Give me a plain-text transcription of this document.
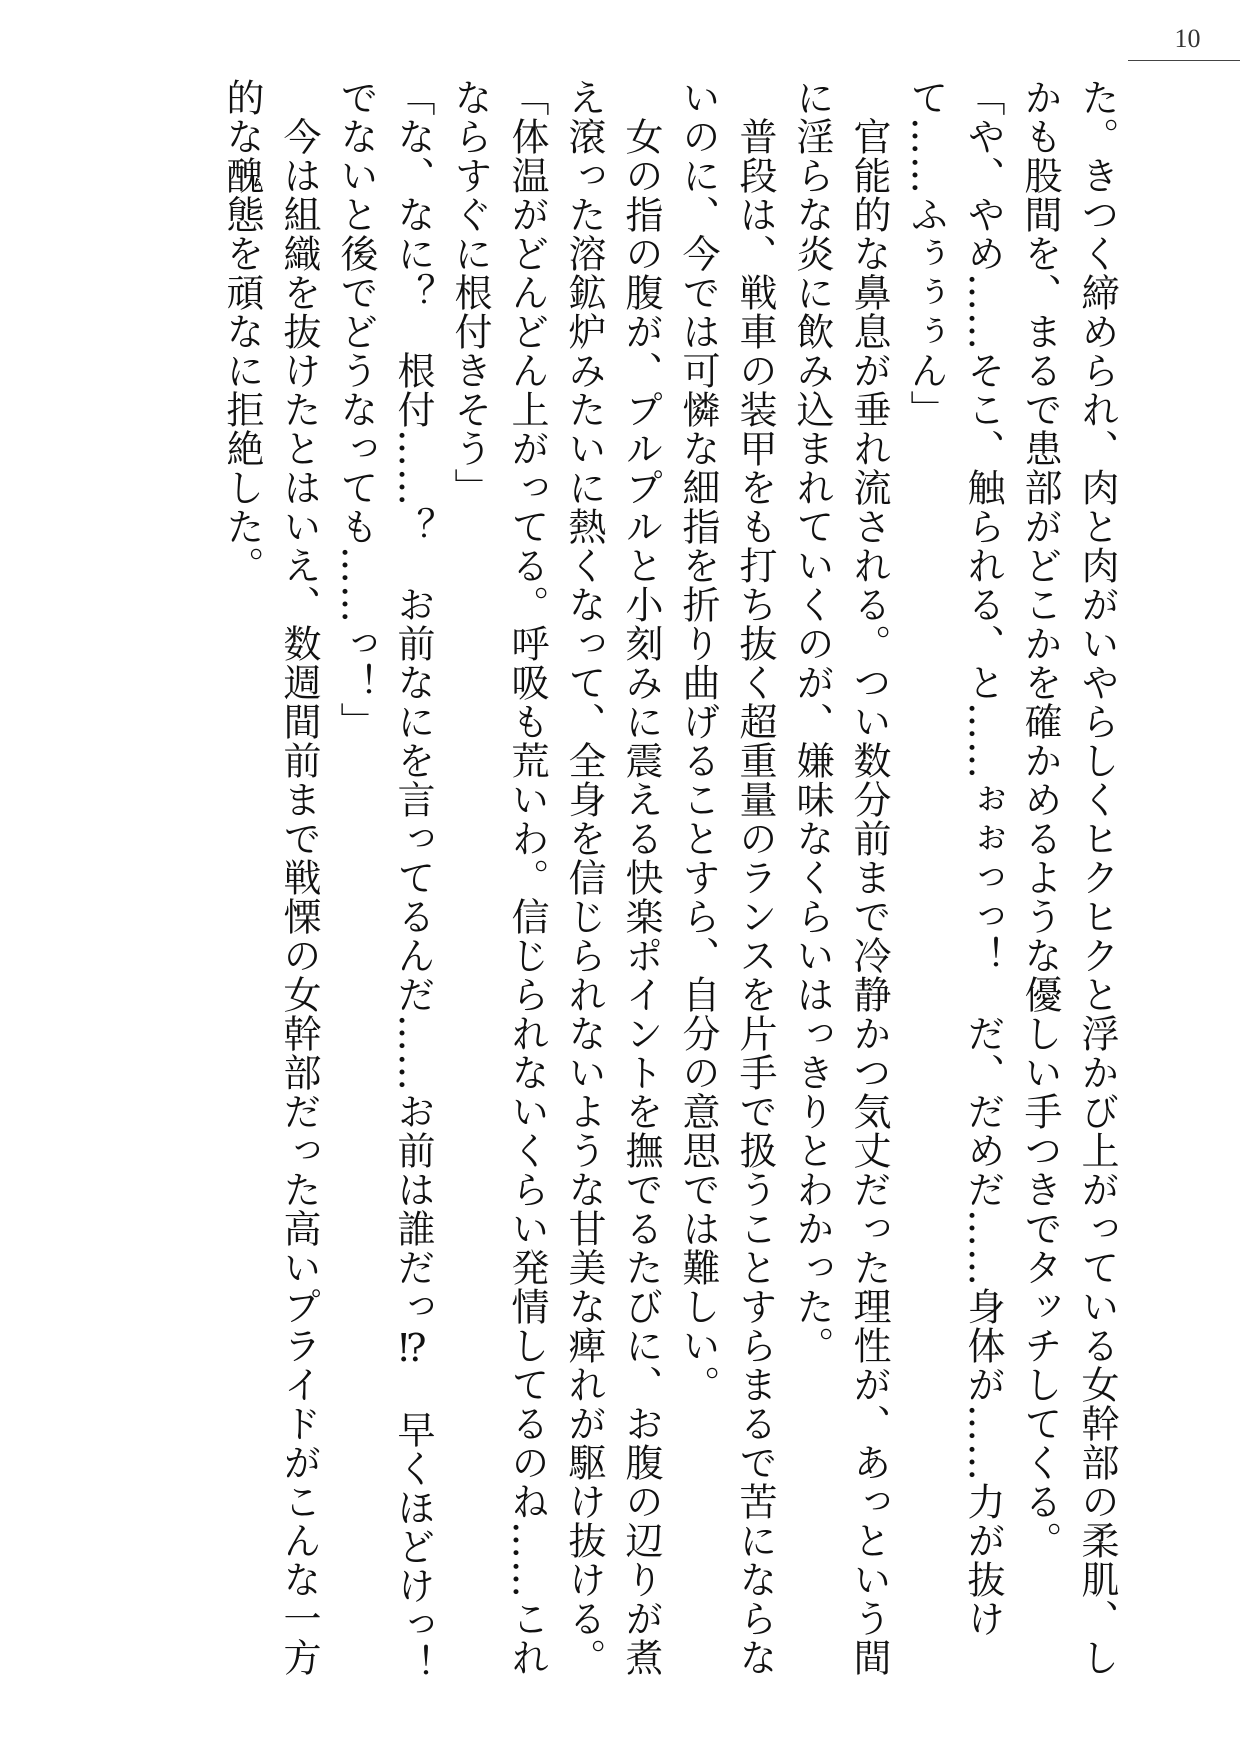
10

た。きつく締められ、肉と肉がいやらしくヒクヒクと浮かび上がっている女幹部の柔肌、しかも股間を、まるで患部がどこかを確かめるような優しい手つきでタッチしてくる。

「や、やめ……そこ、触られる、と……ぉぉっっ！　だ、だめだ……身体が……力が抜けて……ふぅぅぅん」

　官能的な鼻息が垂れ流される。つい数分前まで冷静かつ気丈だった理性が、あっという間に淫らな炎に飲み込まれていくのが、嫌味なくらいはっきりとわかった。

　普段は、戦車の装甲をも打ち抜く超重量のランスを片手で扱うことすらまるで苦にならないのに、今では可憐な細指を折り曲げることすら、自分の意思では難しい。

　女の指の腹が、プルプルと小刻みに震える快楽ポイントを撫でるたびに、お腹の辺りが煮え滾った溶鉱炉みたいに熱くなって、全身を信じられないような甘美な痺れが駆け抜ける。

「体温がどんどん上がってる。呼吸も荒いわ。信じられないくらい発情してるのね……これならすぐに根付きそう」

「な、なに？　根付……？　お前なにを言ってるんだ……お前は誰だっ⁉　早くほどけっ！　でないと後でどうなっても……っ！」

　今は組織を抜けたとはいえ、数週間前まで戦慄の女幹部だった高いプライドがこんな一方的な醜態を頑なに拒絶した。
